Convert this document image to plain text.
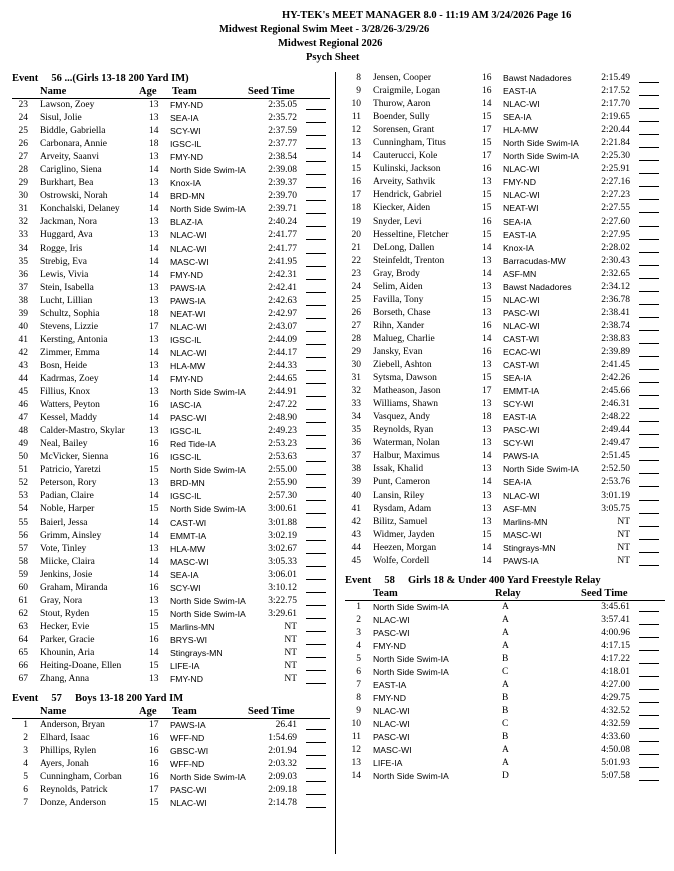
HY-TEK's MEET MANAGER 8.0 - 11:19 AM 3/24/2026 Page 16
Midwest Regional Swim Meet - 3/28/26-3/29/26
Midwest Regional 2026
Psych Sheet
Event     56 ...(Girls 13-18 200 Yard IM)
Name	Age Team	Seed Time
23 Lawson, Zoey	13 FMY-ND	2:35.05
24 Sisul, Jolie	13 SEA-IA	2:35.72
25 Biddle, Gabriella	14 SCY-WI	2:37.59
26 Carbonara, Annie	18 IGSC-IL	2:37.77
27 Arveity, Saanvi	13 FMY-ND	2:38.54
28 Cariglino, Siena	14 North Side Swim-IA	2:39.08
29 Burkhart, Bea	13 Knox-IA	2:39.37
30 Ostrowski, Norah	14 BRD-MN	2:39.70
31 Konchalski, Delaney	14 North Side Swim-IA	2:39.71
32 Jackman, Nora	13 BLAZ-IA	2:40.24
33 Huggard, Ava	13 NLAC-WI	2:41.77
34 Rogge, Iris	14 NLAC-WI	2:41.77
35 Strebig, Eva	14 MASC-WI	2:41.95
36 Lewis, Vivia	14 FMY-ND	2:42.31
37 Stein, Isabella	13 PAWS-IA	2:42.41
38 Lucht, Lillian	13 PAWS-IA	2:42.63
39 Schultz, Sophia	18 NEAT-WI	2:42.97
40 Stevens, Lizzie	17 NLAC-WI	2:43.07
41 Kersting, Antonia	13 IGSC-IL	2:44.09
42 Zimmer, Emma	14 NLAC-WI	2:44.17
43 Bosn, Heide	13 HLA-MW	2:44.33
44 Kadrmas, Zoey	14 FMY-ND	2:44.65
45 Fillius, Knox	13 North Side Swim-IA	2:44.91
46 Watters, Peyton	16 IASC-IA	2:47.22
47 Kessel, Maddy	14 PASC-WI	2:48.90
48 Calder-Mastro, Skylar	13 IGSC-IL	2:49.23
49 Neal, Bailey	16 Red Tide-IA	2:53.23
50 McVicker, Sienna	16 IGSC-IL	2:53.63
51 Patricio, Yaretzi	15 North Side Swim-IA	2:55.00
52 Peterson, Rory	13 BRD-MN	2:55.90
53 Padian, Claire	14 IGSC-IL	2:57.30
54 Noble, Harper	15 North Side Swim-IA	3:00.61
55 Baierl, Jessa	14 CAST-WI	3:01.88
56 Grimm, Ainsley	14 EMMT-IA	3:02.19
57 Vote, Tinley	13 HLA-MW	3:02.67
58 Miicke, Claira	14 MASC-WI	3:05.33
59 Jenkins, Josie	14 SEA-IA	3:06.01
60 Graham, Miranda	16 SCY-WI	3:10.12
61 Gray, Nora	13 North Side Swim-IA	3:22.75
62 Stout, Ryden	15 North Side Swim-IA	3:29.61
63 Hecker, Evie	15 Marlins-MN	NT
64 Parker, Gracie	16 BRYS-WI	NT
65 Khounin, Aria	14 Stingrays-MN	NT
66 Heiting-Doane, Ellen	15 LIFE-IA	NT
67 Zhang, Anna	13 FMY-ND	NT
Event     57     Boys 13-18 200 Yard IM
Name	Age Team	Seed Time
1 Anderson, Bryan	17 PAWS-IA	26.41
2 Elhard, Isaac	16 WFF-ND	1:54.69
3 Phillips, Rylen	16 GBSC-WI	2:01.94
4 Ayers, Jonah	16 WFF-ND	2:03.32
5 Cunningham, Corban	16 North Side Swim-IA	2:09.03
6 Reynolds, Patrick	17 PASC-WI	2:09.18
7 Donze, Anderson	15 NLAC-WI	2:14.78
8 Jensen, Cooper	16 Bawst Nadadores	2:15.49
9 Craigmile, Logan	16 EAST-IA	2:17.52
10 Thurow, Aaron	14 NLAC-WI	2:17.70
11 Boender, Sully	15 SEA-IA	2:19.65
12 Sorensen, Grant	17 HLA-MW	2:20.44
13 Cunningham, Titus	15 North Side Swim-IA	2:21.84
14 Cauterucci, Kole	17 North Side Swim-IA	2:25.30
15 Kulinski, Jackson	16 NLAC-WI	2:25.91
16 Arveity, Sathvik	13 FMY-ND	2:27.16
17 Hendrick, Gabriel	15 NLAC-WI	2:27.23
18 Kiecker, Aiden	15 NEAT-WI	2:27.55
19 Snyder, Levi	16 SEA-IA	2:27.60
20 Hesseltine, Fletcher	15 EAST-IA	2:27.95
21 DeLong, Dallen	14 Knox-IA	2:28.02
22 Steinfeldt, Trenton	13 Barracudas-MW	2:30.43
23 Gray, Brody	14 ASF-MN	2:32.65
24 Selim, Aiden	13 Bawst Nadadores	2:34.12
25 Favilla, Tony	15 NLAC-WI	2:36.78
26 Borseth, Chase	13 PASC-WI	2:38.41
27 Rihn, Xander	16 NLAC-WI	2:38.74
28 Malueg, Charlie	14 CAST-WI	2:38.83
29 Jansky, Evan	16 ECAC-WI	2:39.89
30 Ziebell, Ashton	13 CAST-WI	2:41.45
31 Sytsma, Dawson	15 SEA-IA	2:42.26
32 Matheason, Jason	17 EMMT-IA	2:45.66
33 Williams, Shawn	13 SCY-WI	2:46.31
34 Vasquez, Andy	18 EAST-IA	2:48.22
35 Reynolds, Ryan	13 PASC-WI	2:49.44
36 Waterman, Nolan	13 SCY-WI	2:49.47
37 Halbur, Maximus	14 PAWS-IA	2:51.45
38 Issak, Khalid	13 North Side Swim-IA	2:52.50
39 Punt, Cameron	14 SEA-IA	2:53.76
40 Lansin, Riley	13 NLAC-WI	3:01.19
41 Rysdam, Adam	13 ASF-MN	3:05.75
42 Bilitz, Samuel	13 Marlins-MN	NT
43 Widmer, Jayden	15 MASC-WI	NT
44 Heezen, Morgan	14 Stingrays-MN	NT
45 Wolfe, Cordell	14 PAWS-IA	NT
Event     58     Girls 18 & Under 400 Yard Freestyle Relay
Team	Relay	Seed Time
1 North Side Swim-IA	A	3:45.61
2 NLAC-WI	A	3:57.41
3 PASC-WI	A	4:00.96
4 FMY-ND	A	4:17.15
5 North Side Swim-IA	B	4:17.22
6 North Side Swim-IA	C	4:18.01
7 EAST-IA	A	4:27.00
8 FMY-ND	B	4:29.75
9 NLAC-WI	B	4:32.52
10 NLAC-WI	C	4:32.59
11 PASC-WI	B	4:33.60
12 MASC-WI	A	4:50.08
13 LIFE-IA	A	5:01.93
14 North Side Swim-IA	D	5:07.58
